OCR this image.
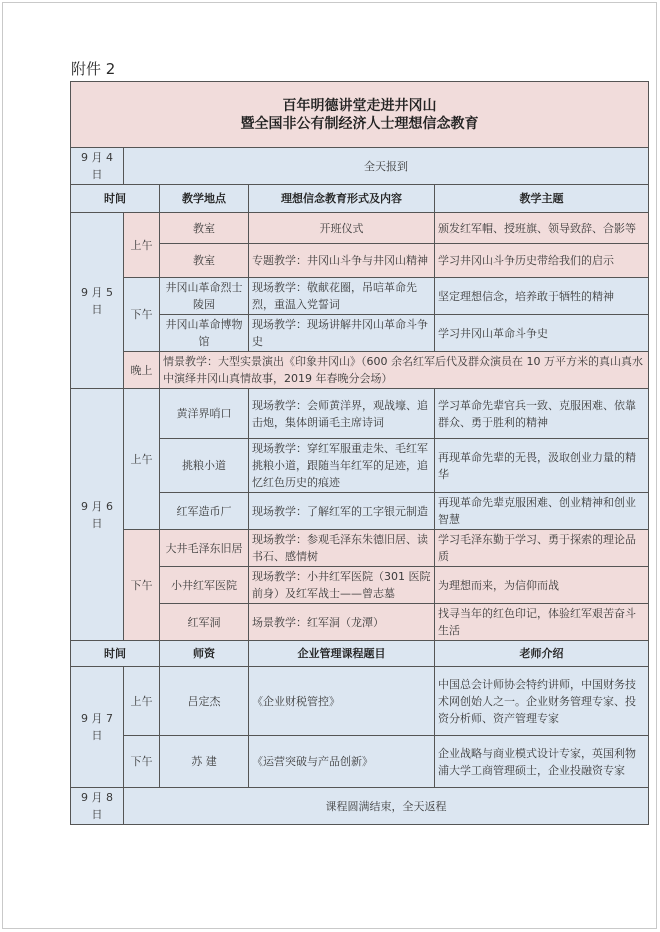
附件 2
百年明德讲堂走进井冈山
暨全国非公有制经济人士理想信念教育				

9 月 4 日	全天报到			
时间		教学地点	理想信念教育形式及内容	教学主题
9 月 5 日	上午	教室	开班仪式	颁发红军帽、授班旗、领导致辞、合影等
		教室	专题教学：井冈山斗争与井冈山精神	学习井冈山斗争历史带给我们的启示
	下午	井冈山革命烈士陵园	现场教学：敬献花圈，吊唁革命先烈，重温入党誓词	坚定理想信念，培养敢于牺牲的精神
		井冈山革命博物馆	现场教学：现场讲解井冈山革命斗争史	学习井冈山革命斗争史
	晚上	情景教学：大型实景演出《印象井冈山》（600 余名红军后代及群众演员在 10 万平方米的真山真水中演绎井冈山真情故事，2019 年春晚分会场）		
9 月 6 日	上午	黄洋界哨口	现场教学：会师黄洋界，观战壕、追击炮，集体朗诵毛主席诗词	学习革命先辈官兵一致、克服困难、依靠群众、勇于胜利的精神
		挑粮小道	现场教学：穿红军服重走朱、毛红军挑粮小道，跟随当年红军的足迹，追忆红色历史的痕迹	再现革命先辈的无畏，汲取创业力量的精华
		红军造币厂	现场教学：了解红军的工字银元制造	再现革命先辈克服困难、创业精神和创业智慧
	下午	大井毛泽东旧居	现场教学：参观毛泽东朱德旧居、读书石、感情树	学习毛泽东勤于学习、勇于探索的理论品质
		小井红军医院	现场教学：小井红军医院（301 医院前身）及红军战士——曾志墓	为理想而来，为信仰而战
		红军洞	场景教学：红军洞（龙潭）	找寻当年的红色印记，体验红军艰苦奋斗生活
时间		师资	企业管理课程题目	老师介绍
9 月 7 日	上午	吕定杰	《企业财税管控》	中国总会计师协会特约讲师，中国财务技术网创始人之一。企业财务管理专家、投资分析师、资产管理专家
	下午	苏 建	《运营突破与产品创新》	企业战略与商业模式设计专家，英国利物浦大学工商管理硕士，企业投融资专家
9 月 8 日	课程圆满结束，全天返程			
